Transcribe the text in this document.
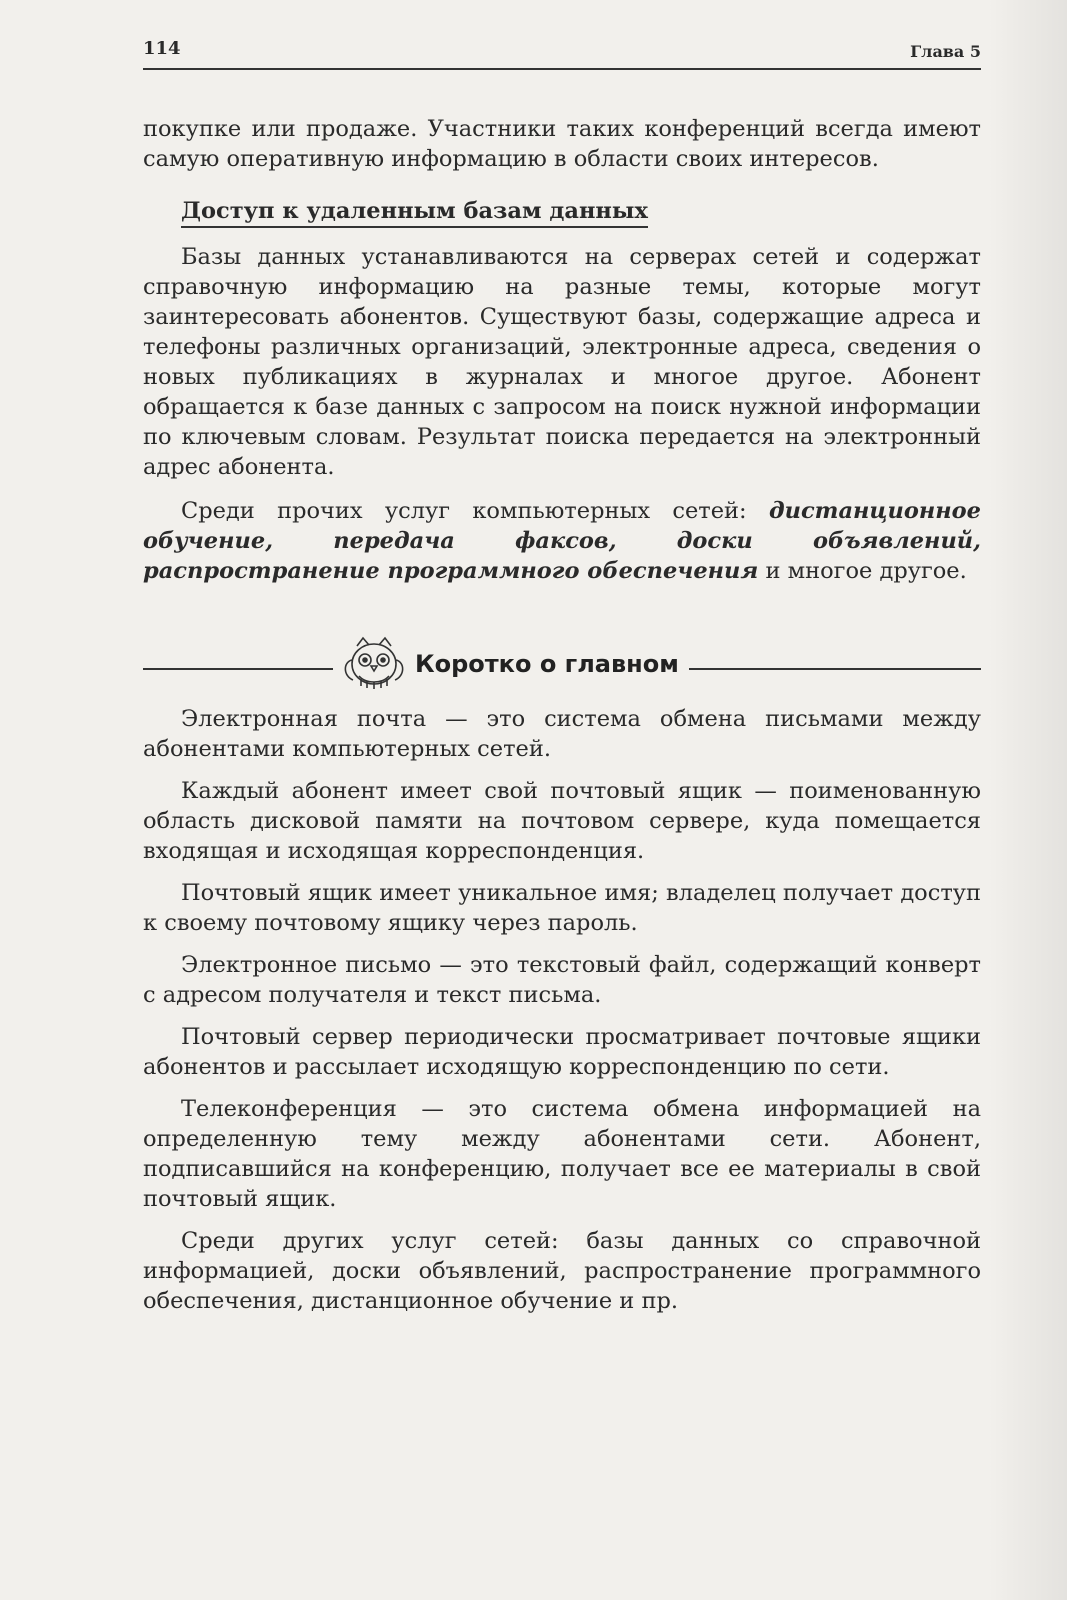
114	Глава 5

покупке или продаже. Участники таких конференций всегда имеют самую оперативную информацию в области своих интересов.

Доступ к удаленным базам данных

Базы данных устанавливаются на серверах сетей и содержат справочную информацию на разные темы, которые могут заинтересовать абонентов. Существуют базы, содержащие адреса и телефоны различных организаций, электронные адреса, сведения о новых публикациях в журналах и многое другое. Абонент обращается к базе данных с запросом на поиск нужной информации по ключевым словам. Результат поиска передается на электронный адрес абонента.

Среди прочих услуг компьютерных сетей: дистанционное обучение, передача факсов, доски объявлений, распространение программного обеспечения и многое другое.

Коротко о главном

Электронная почта — это система обмена письмами между абонентами компьютерных сетей.

Каждый абонент имеет свой почтовый ящик — поименованную область дисковой памяти на почтовом сервере, куда помещается входящая и исходящая корреспонденция.

Почтовый ящик имеет уникальное имя; владелец получает доступ к своему почтовому ящику через пароль.

Электронное письмо — это текстовый файл, содержащий конверт с адресом получателя и текст письма.

Почтовый сервер периодически просматривает почтовые ящики абонентов и рассылает исходящую корреспонденцию по сети.

Телеконференция — это система обмена информацией на определенную тему между абонентами сети. Абонент, подписавшийся на конференцию, получает все ее материалы в свой почтовый ящик.

Среди других услуг сетей: базы данных со справочной информацией, доски объявлений, распространение программного обеспечения, дистанционное обучение и пр.
